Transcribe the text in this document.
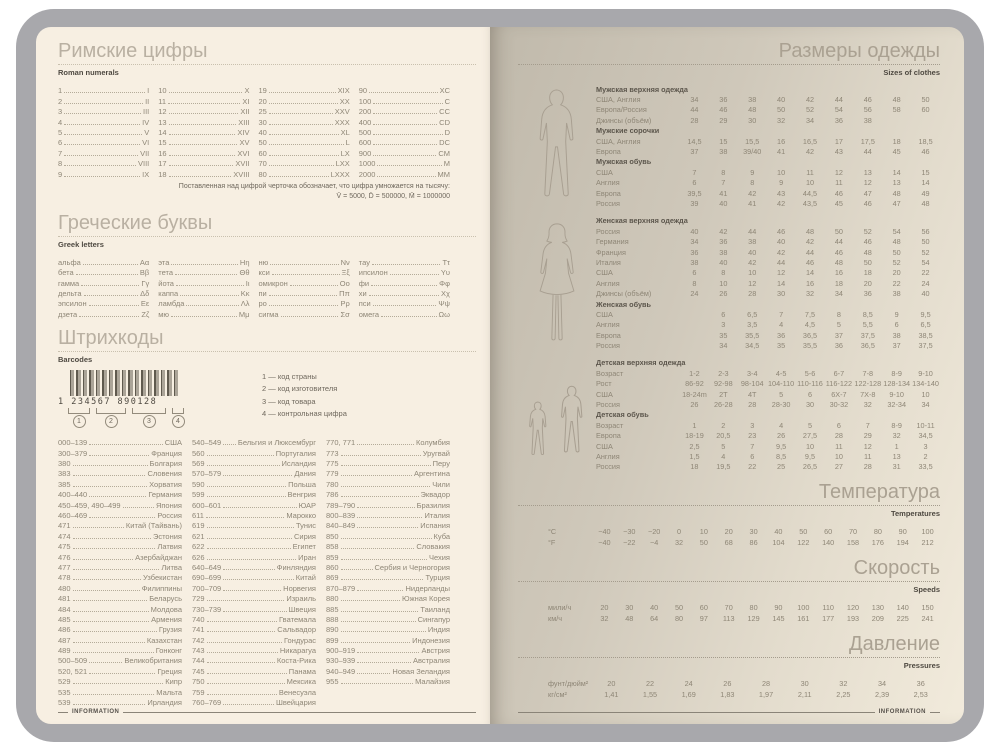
Римские цифры
Roman numerals
1	I
2	II
3	III
4	IV
5	V
6	VI
7	VII
8	VIII
9	IX
10	X
11	XI
12	XII
13	XIII
14	XIV
15	XV
16	XVI
17	XVII
18	XVIII
19	XIX
20	XX
25	XXV
30	XXX
40	XL
50	L
60	LX
70	LXX
80	LXXX
90	XC
100	C
200	CC
400	CD
500	D
600	DC
900	CM
1000	M
2000	MM
Поставленная над цифрой черточка обозначает, что цифра умножается на тысячу:
V̄ = 5000, D̄ = 500000, M̄ = 1000000
Греческие буквы
Greek letters
альфа	Αα
бета	Ββ
гамма	Γγ
дельта	Δδ
эпсилон	Εε
дзета	Ζζ
эта	Ηη
тета	Θθ
йота	Ιι
каппа	Κκ
ламбда	Λλ
мю	Μμ
ню	Νν
кси	Ξξ
омикрон	Οο
пи	Ππ
ро	Ρρ
сигма	Σσ
тау	Ττ
ипсилон	Υυ
фи	Φφ
хи	Χχ
пси	Ψψ
омега	Ωω
Штрихкоды
Barcodes
1 234567 890128
1	2	3	4
1 — код страны
2 — код изготовителя
3 — код товара
4 — контрольная цифра
000–139	США
300–379	Франция
380	Болгария
383	Словения
385	Хорватия
400–440	Германия
450–459, 490–499	Япония
460–469	Россия
471	Китай (Тайвань)
474	Эстония
475	Латвия
476	Азербайджан
477	Литва
478	Узбекистан
480	Филиппины
481	Беларусь
484	Молдова
485	Армения
486	Грузия
487	Казахстан
489	Гонконг
500–509	Великобритания
520, 521	Греция
529	Кипр
535	Мальта
539	Ирландия
540–549 Бельгия и Люксембург
560	Португалия
569	Исландия
570–579	Дания
590	Польша
599	Венгрия
600–601	ЮАР
611	Марокко
619	Тунис
621	Сирия
622	Египет
626	Иран
640–649	Финляндия
690–699	Китай
700–709	Норвегия
729	Израиль
730–739	Швеция
740	Гватемала
741	Сальвадор
742	Гондурас
743	Никарагуа
744	Коста-Рика
745	Панама
750	Мексика
759	Венесуэла
760–769	Швейцария
770, 771	Колумбия
773	Уругвай
775	Перу
779	Аргентина
780	Чили
786	Эквадор
789–790	Бразилия
800–839	Италия
840–849	Испания
850	Куба
858	Словакия
859	Чехия
860	Сербия и Черногория
869	Турция
870–879	Нидерланды
880	Южная Корея
885	Таиланд
888	Сингапур
890	Индия
899	Индонезия
900–919	Австрия
930–939	Австралия
940–949	Новая Зеландия
955	Малайзия
INFORMATION
Размеры одежды
Sizes of clothes
Мужская верхняя одежда
США, Англия	34	36	38	40	42	44	46	48	50
Европа/Россия	44	46	48	50	52	54	56	58	60
Джинсы (объём)	28	29	30	32	34	36	38
Мужские сорочки
США, Англия	14,5	15	15,5	16	16,5	17	17,5	18	18,5
Европа	37	38	39/40	41	42	43	44	45	46
Мужская обувь
США	7	8	9	10	11	12	13	14	15
Англия	6	7	8	9	10	11	12	13	14
Европа	39,5	41	42	43	44,5	46	47	48	49
Россия	39	40	41	42	43,5	45	46	47	48
Женская верхняя одежда
Россия	40	42	44	46	48	50	52	54	56
Германия	34	36	38	40	42	44	46	48	50
Франция	36	38	40	42	44	46	48	50	52
Италия	38	40	42	44	46	48	50	52	54
США	6	8	10	12	14	16	18	20	22
Англия	8	10	12	14	16	18	20	22	24
Джинсы (объём)	24	26	28	30	32	34	36	38	40
Женская обувь
США	6	6,5	7	7,5	8	8,5	9	9,5
Англия	3	3,5	4	4,5	5	5,5	6	6,5
Европа	35	35,5	36	36,5	37	37,5	38	38,5
Россия	34	34,5	35	35,5	36	36,5	37	37,5
Детская верхняя одежда
Возраст	1-2	2-3	3-4	4-5	5-6	6-7	7-8	8-9	9-10
Рост	86-92	92-98	98-104 104-110 110-116 116-122 122-128 128-134 134-140
США	18-24m	2T	4T	5	6	6X-7	7X-8	9-10	10
Россия	26	26-28	28	28-30	30	30-32	32	32-34	34
Детская обувь
Возраст	1	2	3	4	5	6	7	8-9	10-11
Европа	18-19	20,5	23	26	27,5	28	29	32	34,5
США	2,5	5	7	9,5	10	11	12	1	3
Англия	1,5	4	6	8,5	9,5	10	11	13	2
Россия	18	19,5	22	25	26,5	27	28	31	33,5
Температура
Temperatures
°C	−40	−30	−20	0	10	20	30	40	50	60	70	80	90	100
°F	−40	−22	−4	32	50	68	86	104	122	140	158	176	194	212
Скорость
Speeds
мили/ч	20	30	40	50	60	70	80	90	100	110	120	130	140	150
км/ч	32	48	64	80	97	113	129	145	161	177	193	209	225	241
Давление
Pressures
фунт/дюйм²	20	22	24	26	28	30	32	34	36
кг/см²	1,41	1,55	1,69	1,83	1,97	2,11	2,25	2,39	2,53
INFORMATION
